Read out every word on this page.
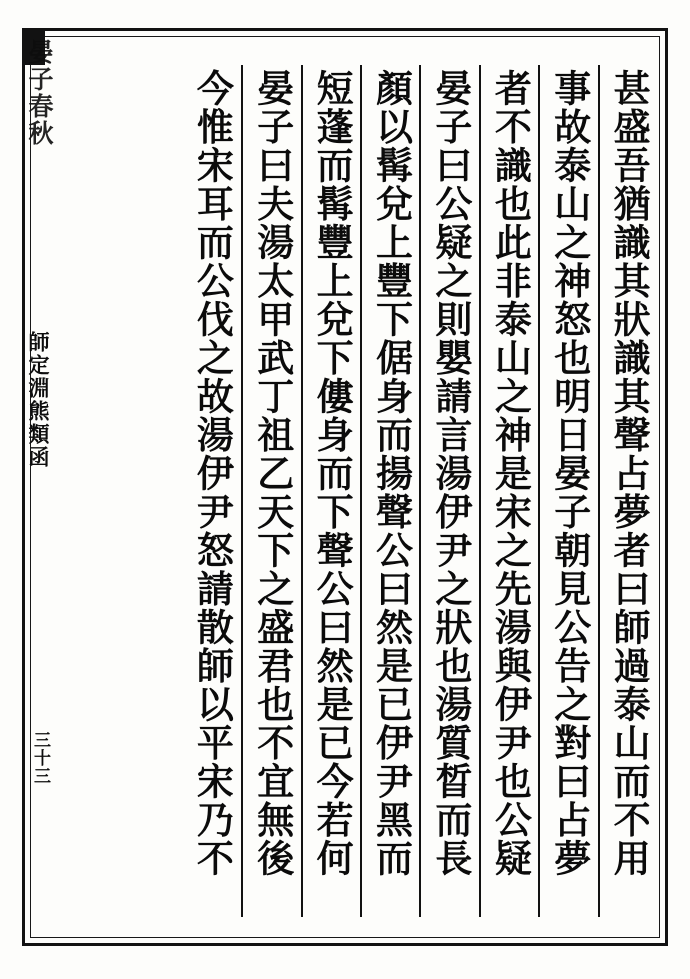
晏子春秋
師定淵熊類函
三十三	甚盛吾猶識其狀識其聲占夢者曰師過泰山而不用
事故泰山之神怒也明日晏子朝見公告之對曰占夢
者不識也此非泰山之神是宋之先湯與伊尹也公疑
晏子曰公疑之則嬰請言湯伊尹之狀也湯質晳而長
顏以髯兌上豐下倨身而揚聲公曰然是已伊尹黑而
短蓬而髯豐上兌下僂身而下聲公曰然是已今若何
晏子曰夫湯太甲武丁祖乙天下之盛君也不宜無後
今惟宋耳而公伐之故湯伊尹怒請散師以平宋乃不
